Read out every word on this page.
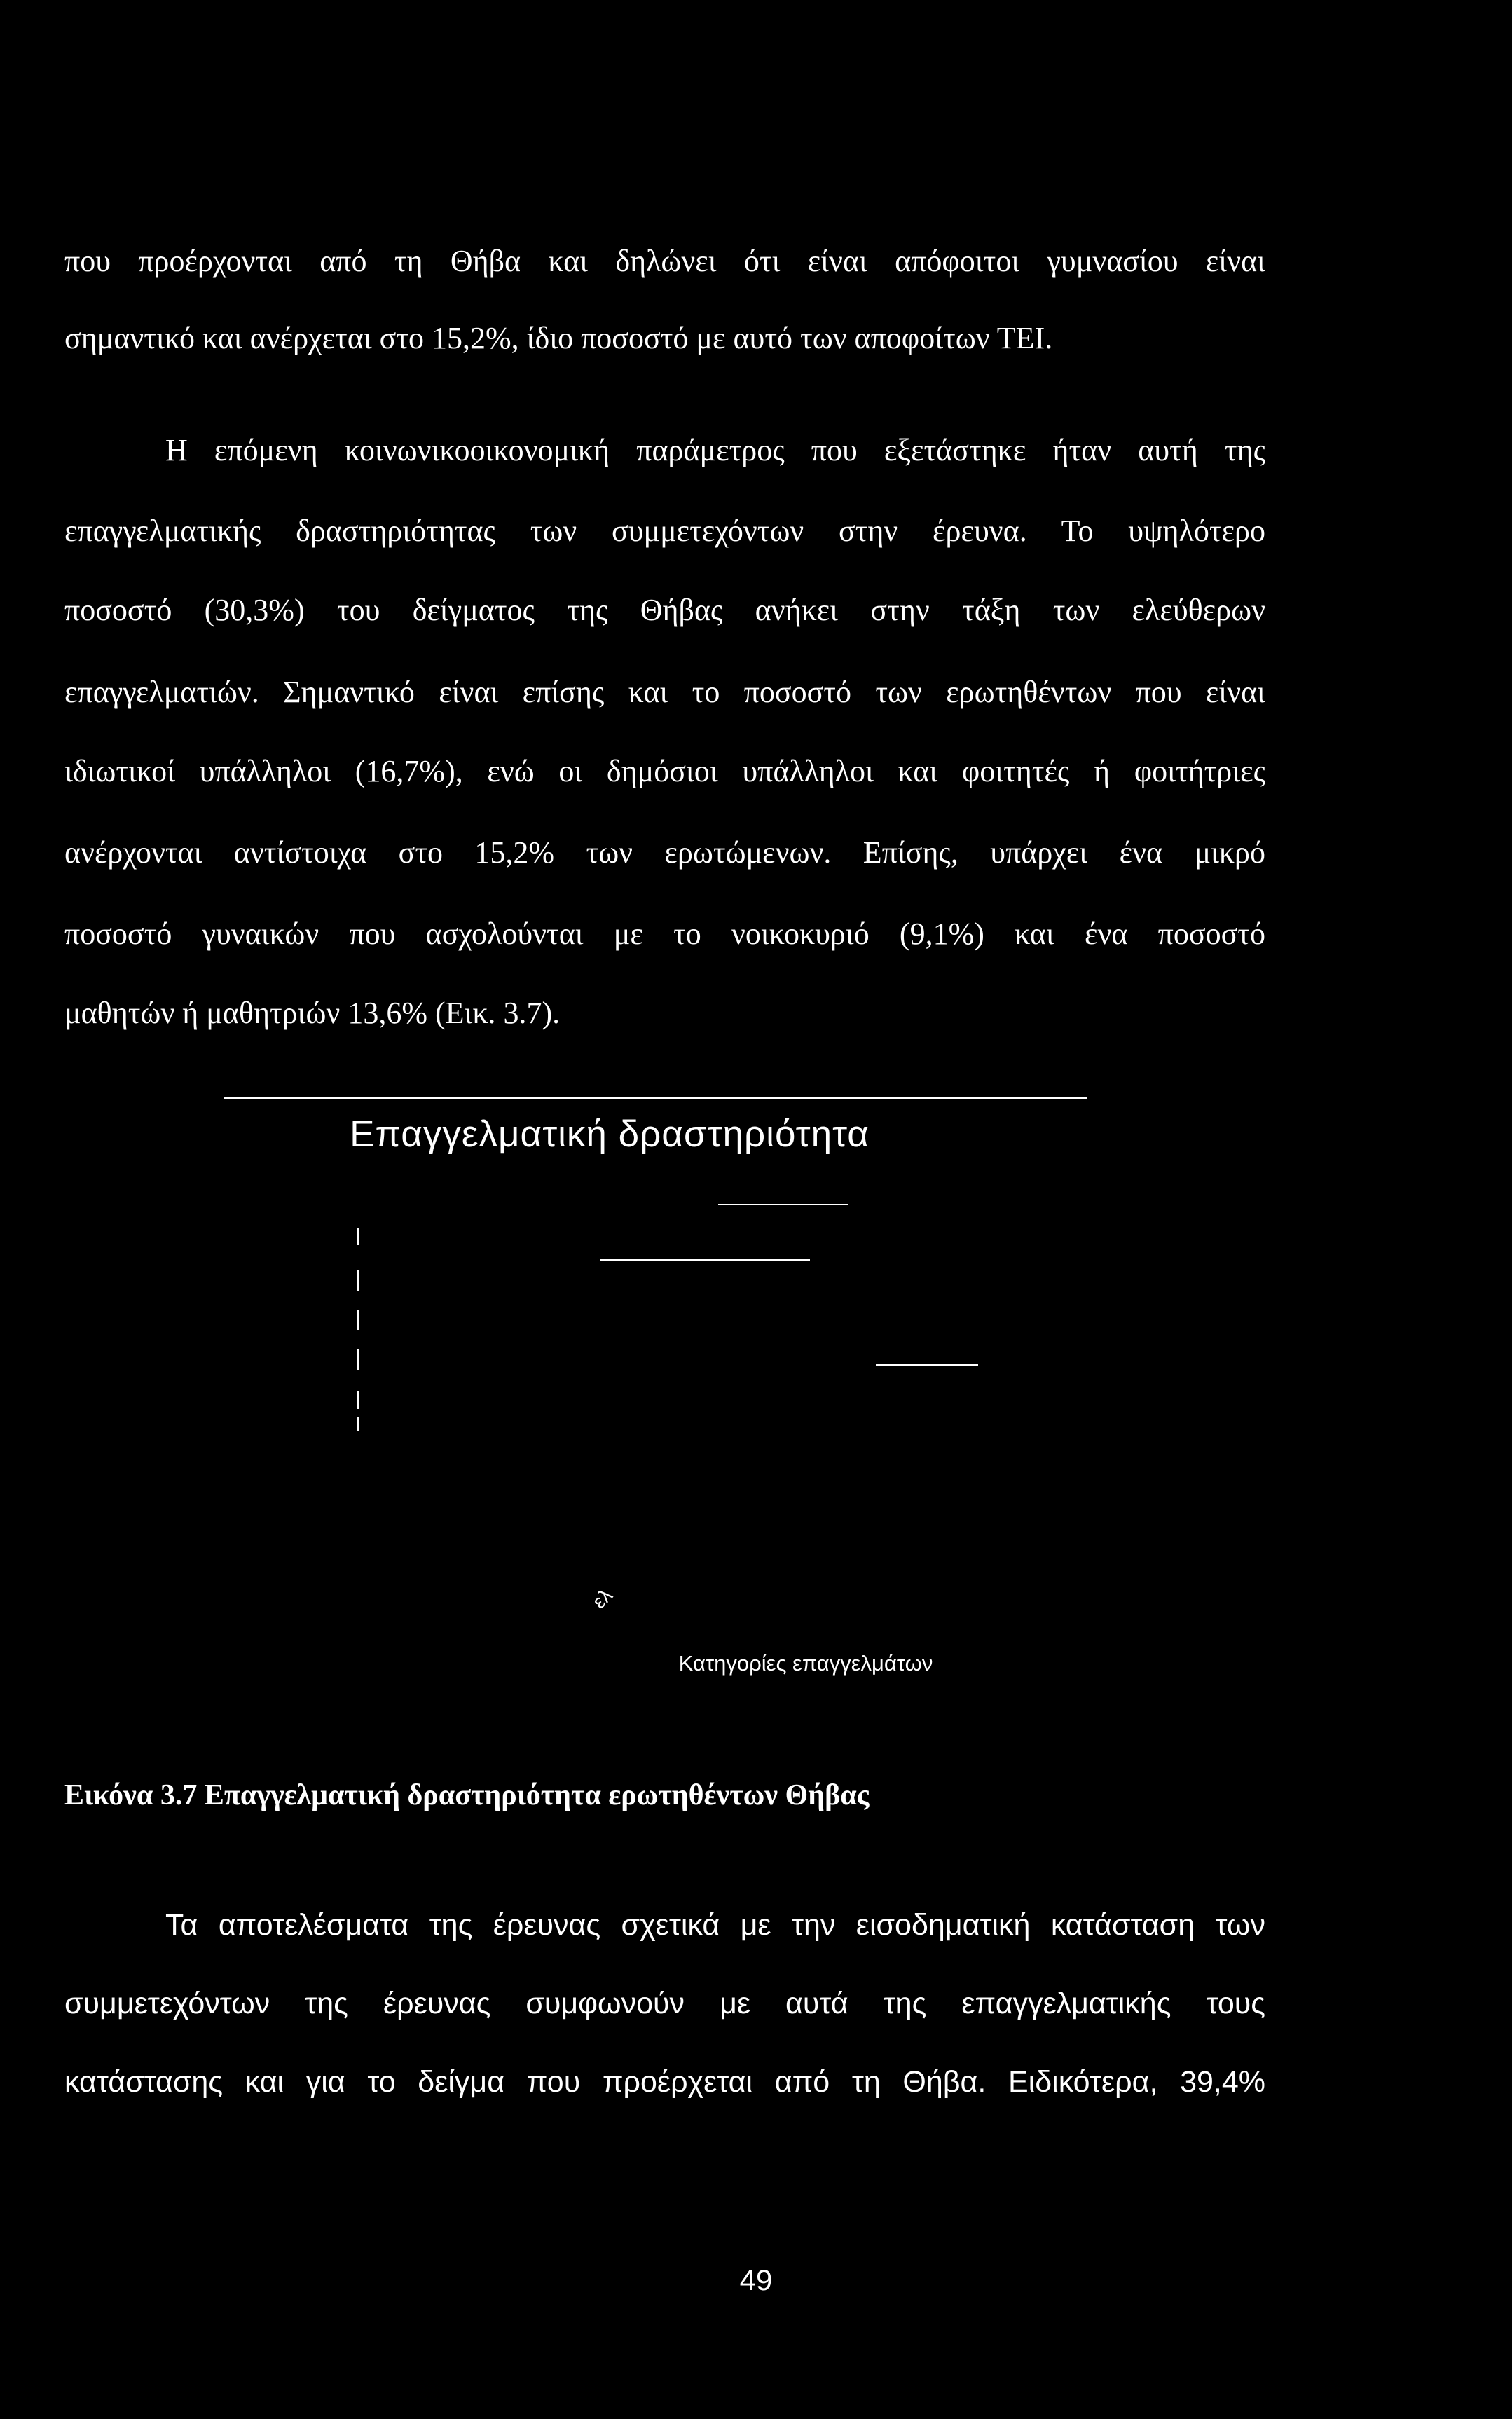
που προέρχονται από τη Θήβα και δηλώνει ότι είναι απόφοιτοι γυμνασίου είναι
σημαντικό και ανέρχεται στο 15,2%, ίδιο ποσοστό με αυτό των αποφοίτων ΤΕΙ.
Η επόμενη κοινωνικοοικονομική παράμετρος που εξετάστηκε ήταν αυτή της
επαγγελματικής δραστηριότητας των συμμετεχόντων στην έρευνα. Το υψηλότερο
ποσοστό (30,3%) του δείγματος της Θήβας ανήκει στην τάξη των ελεύθερων
επαγγελματιών. Σημαντικό είναι επίσης και το ποσοστό των ερωτηθέντων που είναι
ιδιωτικοί υπάλληλοι (16,7%), ενώ οι δημόσιοι υπάλληλοι και φοιτητές ή φοιτήτριες
ανέρχονται αντίστοιχα στο 15,2% των ερωτώμενων. Επίσης, υπάρχει ένα μικρό
ποσοστό γυναικών που ασχολούνται με το νοικοκυριό (9,1%) και ένα ποσοστό
μαθητών ή μαθητριών 13,6% (Εικ. 3.7).
Επαγγελματική δραστηριότητα
ελ
Κατηγορίες επαγγελμάτων
Εικόνα 3.7 Επαγγελματική δραστηριότητα ερωτηθέντων Θήβας
Τα αποτελέσματα της έρευνας σχετικά με την εισοδηματική κατάσταση των
συμμετεχόντων της έρευνας συμφωνούν με αυτά της επαγγελματικής τους
κατάστασης και για το δείγμα που προέρχεται από τη Θήβα. Ειδικότερα, 39,4%
49
